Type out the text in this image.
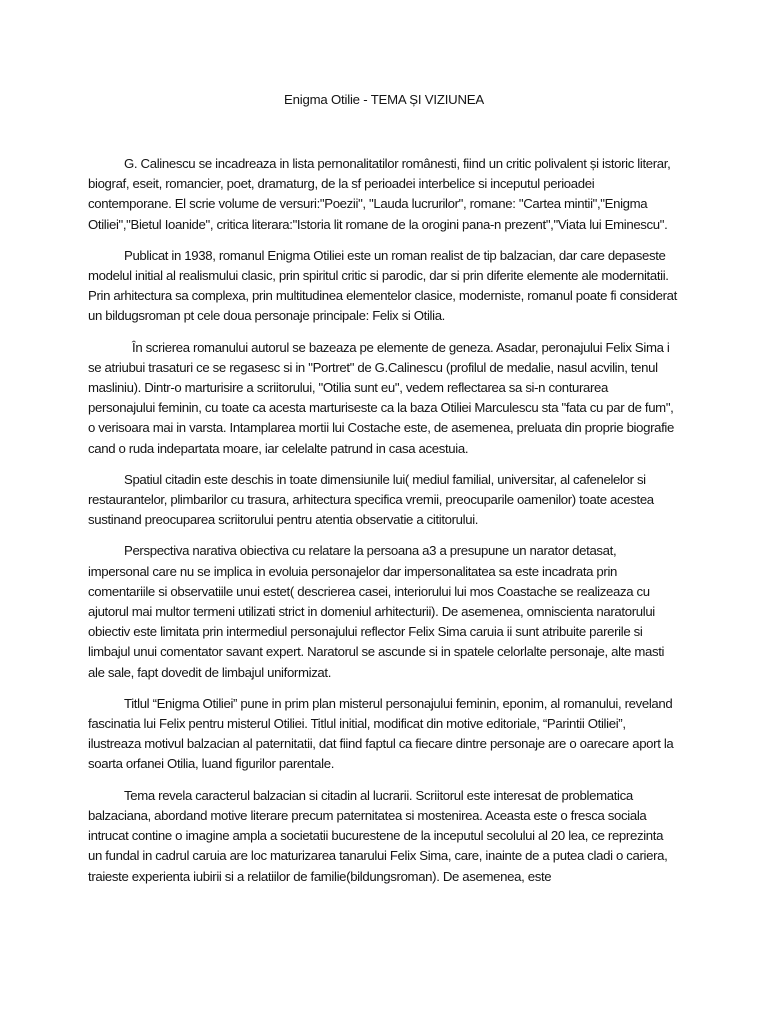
Enigma Otilie - TEMA ȘI VIZIUNEA

G. Calinescu se incadreaza in lista pernonalitatilor românesti, fiind un critic polivalent și istoric literar, biograf, eseit, romancier, poet, dramaturg, de la sf perioadei interbelice si inceputul perioadei contemporane. El scrie volume de versuri:"Poezii", "Lauda lucrurilor", romane: "Cartea mintii","Enigma Otiliei","Bietul Ioanide", critica literara:"Istoria lit romane de la orogini pana-n prezent","Viata lui Eminescu".

Publicat in 1938, romanul Enigma Otiliei este un roman realist de tip balzacian, dar care depaseste modelul initial al realismului clasic, prin spiritul critic si parodic, dar si prin diferite elemente ale modernitatii. Prin arhitectura sa complexa, prin multitudinea elementelor clasice, moderniste, romanul poate fi considerat un bildugsroman pt cele doua personaje principale: Felix si Otilia.

În scrierea romanului autorul se bazeaza pe elemente de geneza. Asadar, peronajului Felix Sima i se atriubui trasaturi ce se regasesc si in "Portret" de G.Calinescu (profilul de medalie, nasul acvilin, tenul masliniu). Dintr-o marturisire a scriitorului, "Otilia sunt eu", vedem reflectarea sa si-n conturarea personajului feminin, cu toate ca acesta marturiseste ca la baza Otiliei Marculescu sta "fata cu par de fum", o verisoara mai in varsta. Intamplarea mortii lui Costache este, de asemenea, preluata din proprie biografie cand o ruda indepartata moare, iar celelalte patrund in casa acestuia.

Spatiul citadin este deschis in toate dimensiunile lui( mediul familial, universitar, al cafenelelor si restaurantelor, plimbarilor cu trasura, arhitectura specifica vremii, preocuparile oamenilor) toate acestea sustinand preocuparea scriitorului pentru atentia observatie a cititorului.

Perspectiva narativa obiectiva cu relatare la persoana a3 a presupune un narator detasat, impersonal care nu se implica in evoluia personajelor dar impersonalitatea sa este incadrata prin comentariile si observatiile unui estet( descrierea casei, interiorului lui mos Coastache se realizeaza cu ajutorul mai multor termeni utilizati strict in domeniul arhitecturii). De asemenea, omniscienta naratorului obiectiv este limitata prin intermediul personajului reflector Felix Sima caruia ii sunt atribuite parerile si limbajul unui comentator savant expert. Naratorul se ascunde si in spatele celorlalte personaje, alte masti ale sale, fapt dovedit de limbajul uniformizat.

Titlul “Enigma Otiliei” pune in prim plan misterul personajului feminin, eponim, al romanului, reveland fascinatia lui Felix pentru misterul Otiliei. Titlul initial, modificat din motive editoriale, “Parintii Otiliei”, ilustreaza motivul balzacian al paternitatii, dat fiind faptul ca fiecare dintre personaje are o oarecare aport la soarta orfanei Otilia, luand figurilor parentale.

Tema revela caracterul balzacian si citadin al lucrarii. Scriitorul este interesat de problematica balzaciana, abordand motive literare precum paternitatea si mostenirea. Aceasta este o fresca sociala intrucat contine o imagine ampla a societatii bucurestene de la inceputul secolului al 20 lea, ce reprezinta un fundal in cadrul caruia are loc maturizarea tanarului Felix Sima, care, inainte de a putea cladi o cariera, traieste experienta iubirii si a relatiilor de familie(bildungsroman). De asemenea, este
